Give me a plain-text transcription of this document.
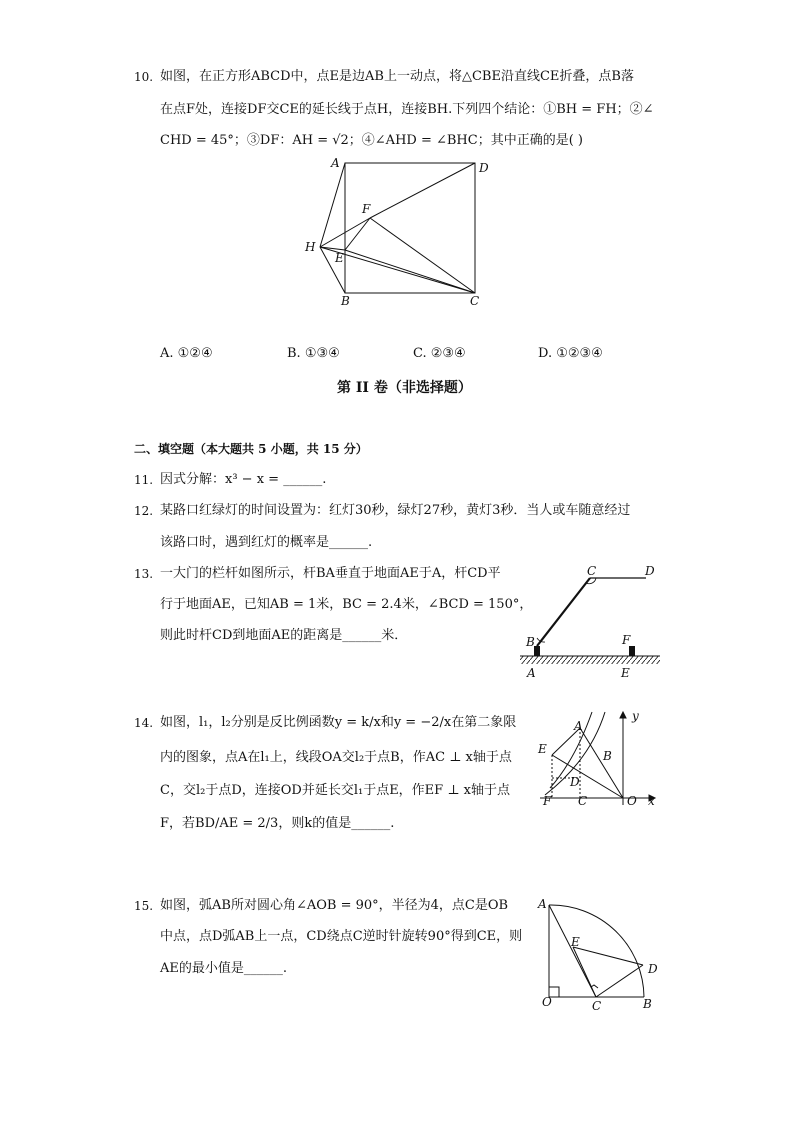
10. 如图，在正方形ABCD中，点E是边AB上一动点，将△CBE沿直线CE折叠，点B落
在点F处，连接DF交CE的延长线于点H，连接BH.下列四个结论：①BH = FH；②∠
CHD = 45°；③DF：AH = √2；④∠AHD = ∠BHC；其中正确的是( )
A	D
F
H
E
B	C
A. ①②④	B. ①③④	C. ②③④	D. ①②③④
第 II 卷（非选择题）
二、填空题（本大题共 5 小题，共 15 分）
11. 因式分解：x³ − x = ______.
12. 某路口红绿灯的时间设置为：红灯30秒，绿灯27秒，黄灯3秒．当人或车随意经过
该路口时，遇到红灯的概率是______.
13. 一大门的栏杆如图所示，杆BA垂直于地面AE于A，杆CD平
行于地面AE，已知AB = 1米，BC = 2.4米，∠BCD = 150°，
则此时杆CD到地面AE的距离是______米．
C	D
B	F
A	E
14. 如图，l₁，l₂分别是反比例函数y = k/x和y = −2/x在第二象限
内的图象，点A在l₁上，线段OA交l₂于点B，作AC ⊥ x轴于点
C，交l₂于点D，连接OD并延长交l₁于点E，作EF ⊥ x轴于点
F，若BD/AE = 2/3，则k的值是______.
A
y
E	B
D
F C	O x
15. 如图，弧AB所对圆心角∠AOB = 90°，半径为4，点C是OB
中点，点D弧AB上一点，CD绕点C逆时针旋转90°得到CE，则
AE的最小值是______.
A
E
D
O	C	B
